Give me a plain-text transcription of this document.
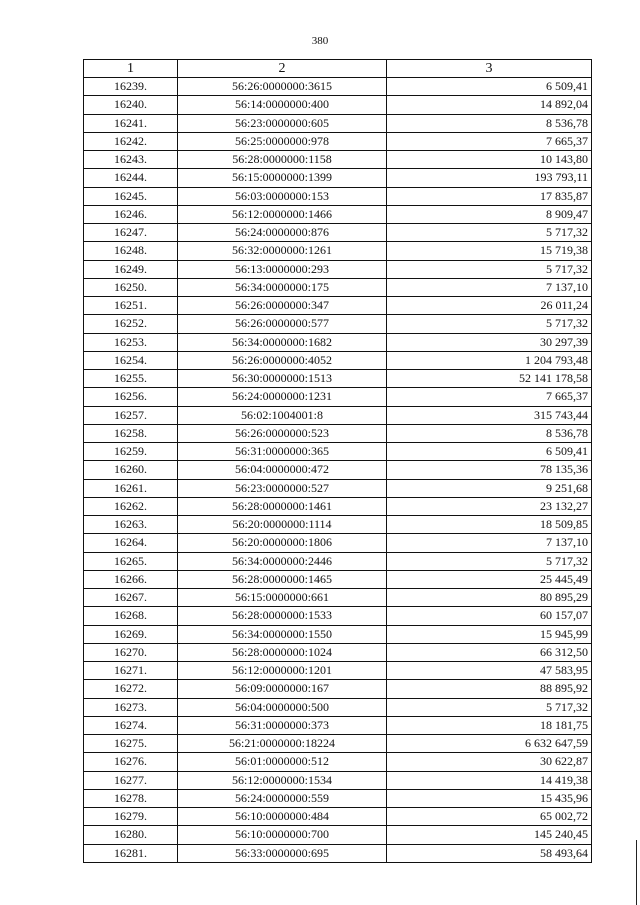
380
1	2	3
16239.	56:26:0000000:3615	6 509,41
16240.	56:14:0000000:400	14 892,04
16241.	56:23:0000000:605	8 536,78
16242.	56:25:0000000:978	7 665,37
16243.	56:28:0000000:1158	10 143,80
16244.	56:15:0000000:1399	193 793,11
16245.	56:03:0000000:153	17 835,87
16246.	56:12:0000000:1466	8 909,47
16247.	56:24:0000000:876	5 717,32
16248.	56:32:0000000:1261	15 719,38
16249.	56:13:0000000:293	5 717,32
16250.	56:34:0000000:175	7 137,10
16251.	56:26:0000000:347	26 011,24
16252.	56:26:0000000:577	5 717,32
16253.	56:34:0000000:1682	30 297,39
16254.	56:26:0000000:4052	1 204 793,48
16255.	56:30:0000000:1513	52 141 178,58
16256.	56:24:0000000:1231	7 665,37
16257.	56:02:1004001:8	315 743,44
16258.	56:26:0000000:523	8 536,78
16259.	56:31:0000000:365	6 509,41
16260.	56:04:0000000:472	78 135,36
16261.	56:23:0000000:527	9 251,68
16262.	56:28:0000000:1461	23 132,27
16263.	56:20:0000000:1114	18 509,85
16264.	56:20:0000000:1806	7 137,10
16265.	56:34:0000000:2446	5 717,32
16266.	56:28:0000000:1465	25 445,49
16267.	56:15:0000000:661	80 895,29
16268.	56:28:0000000:1533	60 157,07
16269.	56:34:0000000:1550	15 945,99
16270.	56:28:0000000:1024	66 312,50
16271.	56:12:0000000:1201	47 583,95
16272.	56:09:0000000:167	88 895,92
16273.	56:04:0000000:500	5 717,32
16274.	56:31:0000000:373	18 181,75
16275.	56:21:0000000:18224	6 632 647,59
16276.	56:01:0000000:512	30 622,87
16277.	56:12:0000000:1534	14 419,38
16278.	56:24:0000000:559	15 435,96
16279.	56:10:0000000:484	65 002,72
16280.	56:10:0000000:700	145 240,45
16281.	56:33:0000000:695	58 493,64
